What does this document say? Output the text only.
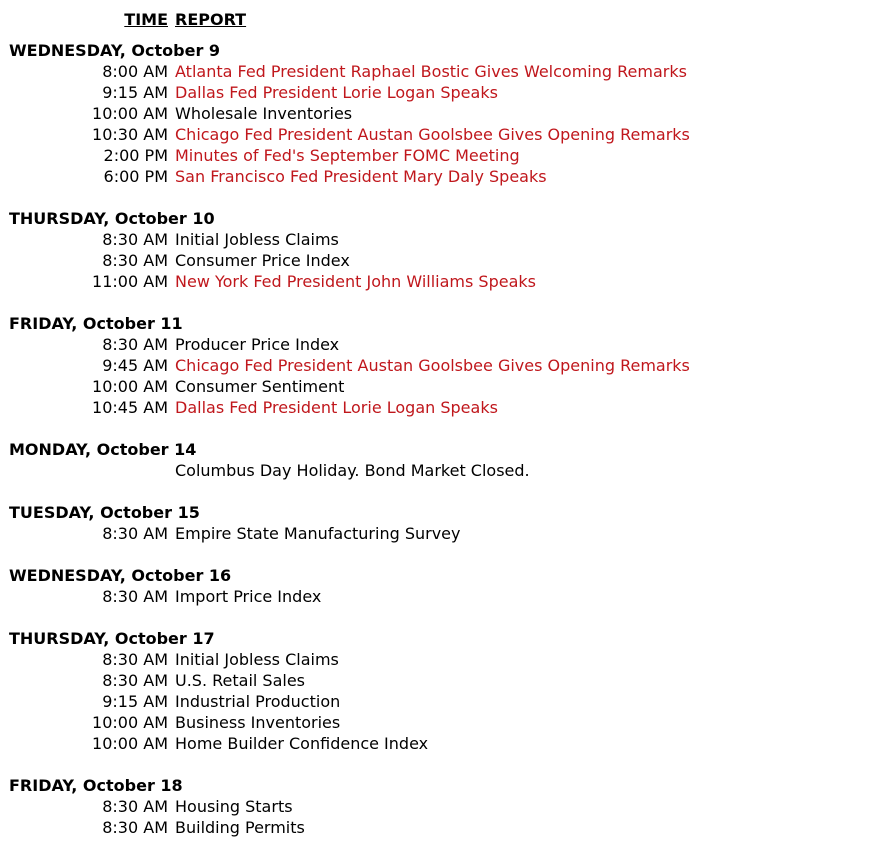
TIME REPORT
WEDNESDAY, October 9
8:00 AM Atlanta Fed President Raphael Bostic Gives Welcoming Remarks
9:15 AM Dallas Fed President Lorie Logan Speaks
10:00 AM Wholesale Inventories
10:30 AM Chicago Fed President Austan Goolsbee Gives Opening Remarks
2:00 PM Minutes of Fed's September FOMC Meeting
6:00 PM San Francisco Fed President Mary Daly Speaks
THURSDAY, October 10
8:30 AM Initial Jobless Claims
8:30 AM Consumer Price Index
11:00 AM New York Fed President John Williams Speaks
FRIDAY, October 11
8:30 AM Producer Price Index
9:45 AM Chicago Fed President Austan Goolsbee Gives Opening Remarks
10:00 AM Consumer Sentiment
10:45 AM Dallas Fed President Lorie Logan Speaks
MONDAY, October 14
Columbus Day Holiday. Bond Market Closed.
TUESDAY, October 15
8:30 AM Empire State Manufacturing Survey
WEDNESDAY, October 16
8:30 AM Import Price Index
THURSDAY, October 17
8:30 AM Initial Jobless Claims
8:30 AM U.S. Retail Sales
9:15 AM Industrial Production
10:00 AM Business Inventories
10:00 AM Home Builder Confidence Index
FRIDAY, October 18
8:30 AM Housing Starts
8:30 AM Building Permits
